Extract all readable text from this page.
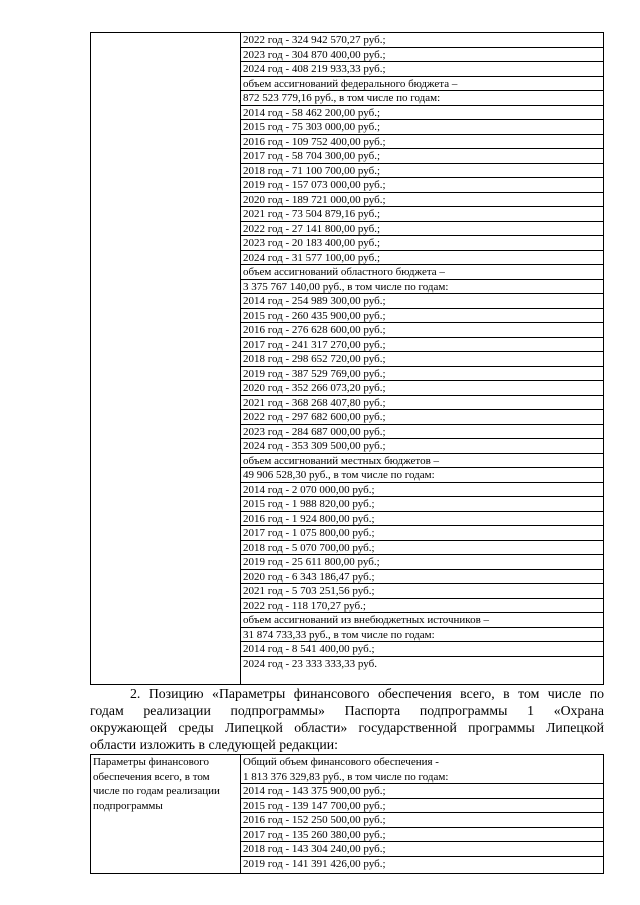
2022 год - 324 942 570,27 руб.;
2023 год - 304 870 400,00 руб.;
2024 год - 408 219 933,33 руб.;
объем ассигнований федерального бюджета –
872 523 779,16 руб., в том числе по годам:
2014 год - 58 462 200,00 руб.;
2015 год - 75 303 000,00 руб.;
2016 год - 109 752 400,00 руб.;
2017 год - 58 704 300,00 руб.;
2018 год - 71 100 700,00 руб.;
2019 год - 157 073 000,00 руб.;
2020 год - 189 721 000,00 руб.;
2021 год - 73 504 879,16 руб.;
2022 год - 27 141 800,00 руб.;
2023 год - 20 183 400,00 руб.;
2024 год - 31 577 100,00 руб.;
объем ассигнований областного бюджета –
3 375 767 140,00 руб., в том числе по годам:
2014 год - 254 989 300,00 руб.;
2015 год - 260 435 900,00 руб.;
2016 год - 276 628 600,00 руб.;
2017 год - 241 317 270,00 руб.;
2018 год - 298 652 720,00 руб.;
2019 год - 387 529 769,00 руб.;
2020 год - 352 266 073,20 руб.;
2021 год - 368 268 407,80 руб.;
2022 год - 297 682 600,00 руб.;
2023 год - 284 687 000,00 руб.;
2024 год - 353 309 500,00 руб.;
объем ассигнований местных бюджетов –
49 906 528,30 руб., в том числе по годам:
2014 год - 2 070 000,00 руб.;
2015 год - 1 988 820,00 руб.;
2016 год - 1 924 800,00 руб.;
2017 год - 1 075 800,00 руб.;
2018 год - 5 070 700,00 руб.;
2019 год - 25 611 800,00 руб.;
2020 год - 6 343 186,47 руб.;
2021 год - 5 703 251,56 руб.;
2022 год - 118 170,27 руб.;
объем ассигнований из внебюджетных источников –
31 874 733,33 руб., в том числе по годам:
2014 год - 8 541 400,00 руб.;
2024 год - 23 333 333,33 руб.

2. Позицию «Параметры финансового обеспечения всего, в том числе по

годам реализации подпрограммы» Паспорта подпрограммы 1 «Охрана

окружающей среды Липецкой области» государственной программы Липецкой

области изложить в следующей редакции:

Параметры финансового обеспечения всего, в том числе по годам реализации подпрограммы
Общий объем финансового обеспечения -
1 813 376 329,83 руб., в том числе по годам:
2014 год - 143 375 900,00 руб.;
2015 год - 139 147 700,00 руб.;
2016 год - 152 250 500,00 руб.;
2017 год - 135 260 380,00 руб.;
2018 год - 143 304 240,00 руб.;
2019 год - 141 391 426,00 руб.;
